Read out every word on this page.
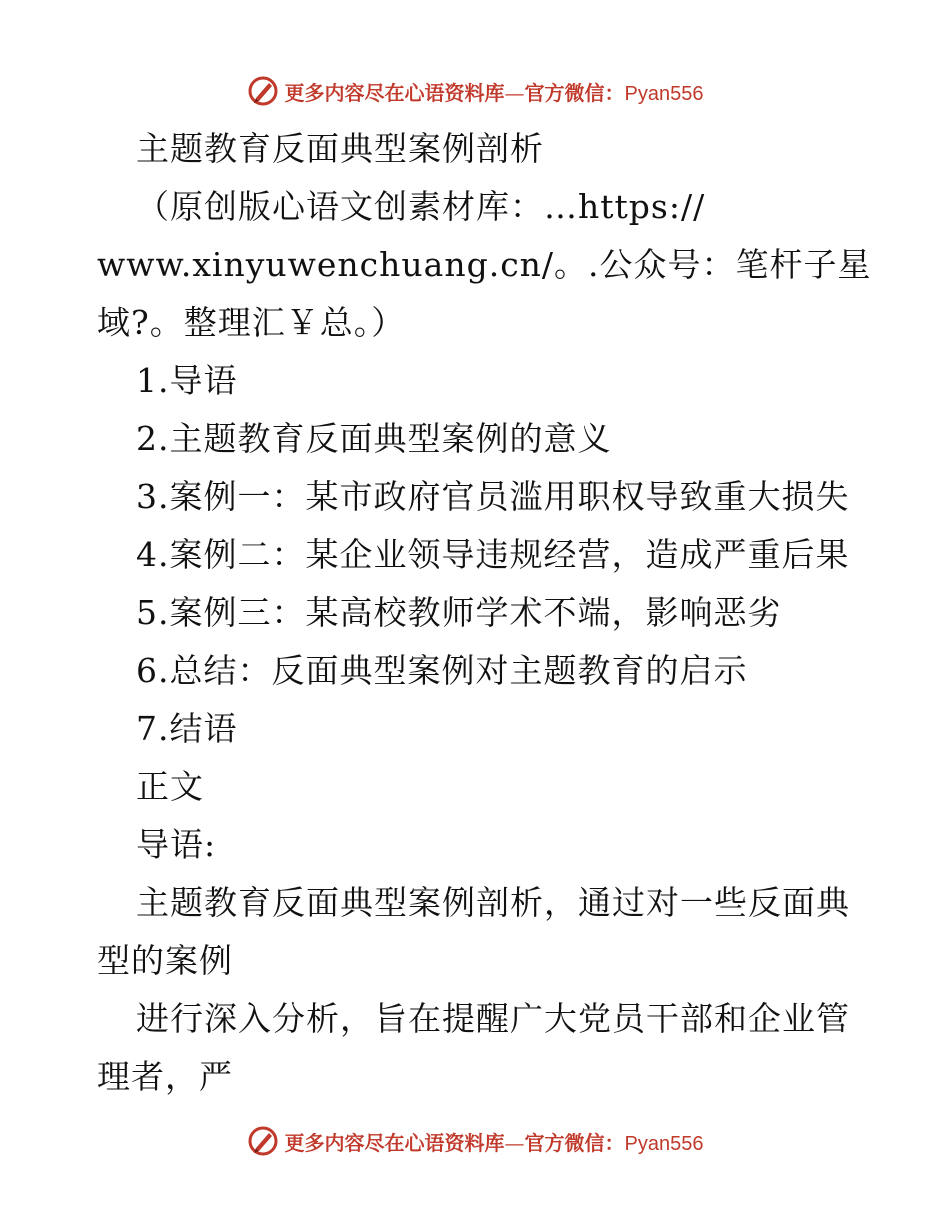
更多内容尽在心语资料库—官方微信：Pyan556
主题教育反面典型案例剖析
（原创版心语文创素材库：…https://
www.xinyuwenchuang.cn/。.公众号：笔杆子星
域?。整理汇￥总。）
1.导语
2.主题教育反面典型案例的意义
3.案例一：某市政府官员滥用职权导致重大损失
4.案例二：某企业领导违规经营，造成严重后果
5.案例三：某高校教师学术不端，影响恶劣
6.总结：反面典型案例对主题教育的启示
7.结语
正文
导语:
主题教育反面典型案例剖析，通过对一些反面典
型的案例
进行深入分析，旨在提醒广大党员干部和企业管
理者，严
更多内容尽在心语资料库—官方微信：Pyan556
